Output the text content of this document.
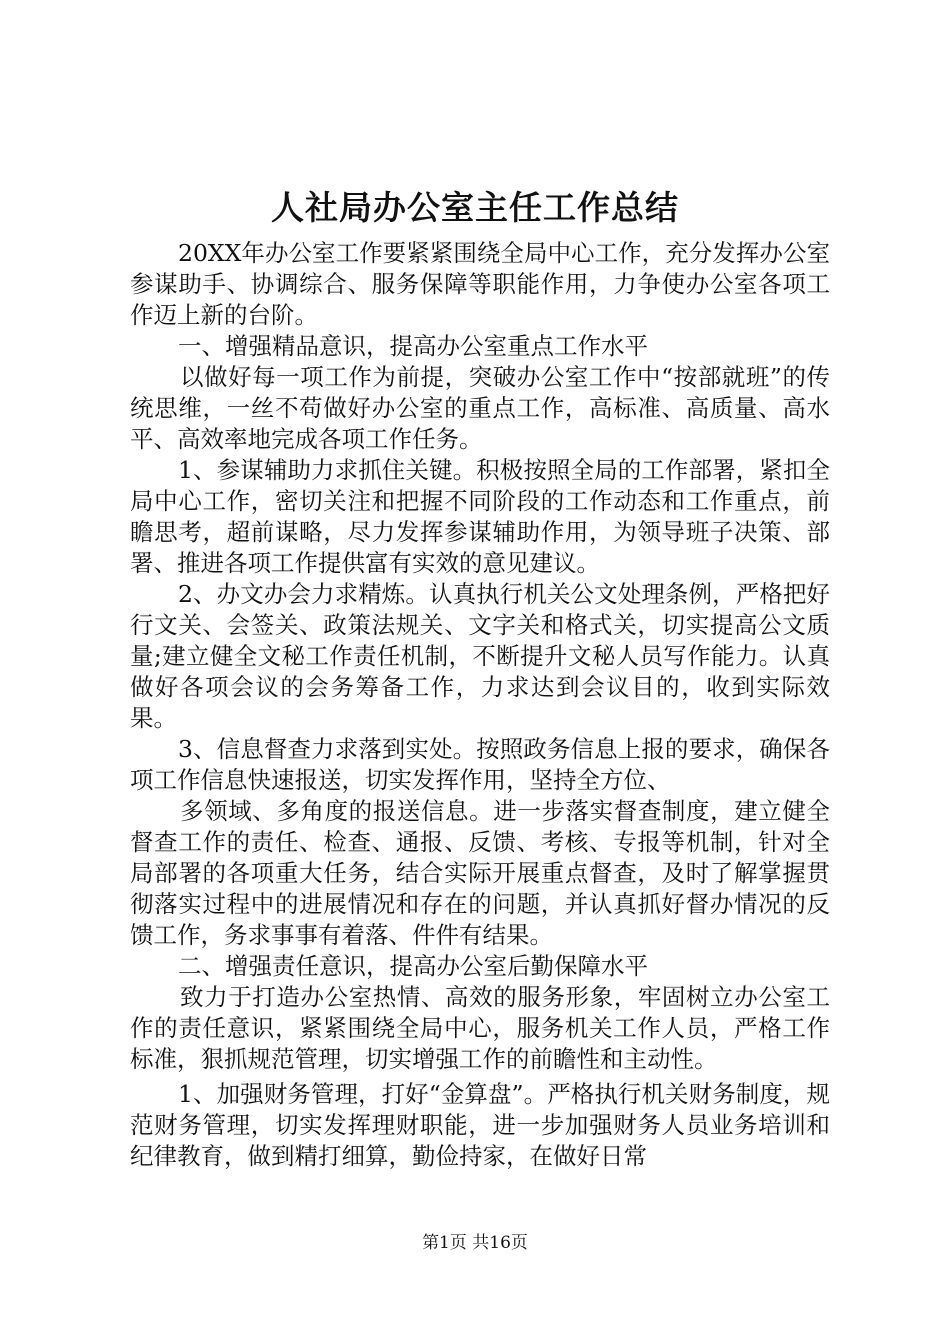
人社局办公室主任工作总结

20XX年办公室工作要紧紧围绕全局中心工作，充分发挥办公室参谋助手、协调综合、服务保障等职能作用，力争使办公室各项工作迈上新的台阶。

一、增强精品意识，提高办公室重点工作水平

以做好每一项工作为前提，突破办公室工作中“按部就班”的传统思维，一丝不苟做好办公室的重点工作，高标准、高质量、高水平、高效率地完成各项工作任务。

1、参谋辅助力求抓住关键。积极按照全局的工作部署，紧扣全局中心工作，密切关注和把握不同阶段的工作动态和工作重点，前瞻思考，超前谋略，尽力发挥参谋辅助作用，为领导班子决策、部署、推进各项工作提供富有实效的意见建议。

2、办文办会力求精炼。认真执行机关公文处理条例，严格把好行文关、会签关、政策法规关、文字关和格式关，切实提高公文质量;建立健全文秘工作责任机制，不断提升文秘人员写作能力。认真做好各项会议的会务筹备工作，力求达到会议目的，收到实际效果。

3、信息督查力求落到实处。按照政务信息上报的要求，确保各项工作信息快速报送，切实发挥作用，坚持全方位、

多领域、多角度的报送信息。进一步落实督查制度，建立健全督查工作的责任、检查、通报、反馈、考核、专报等机制，针对全局部署的各项重大任务，结合实际开展重点督查，及时了解掌握贯彻落实过程中的进展情况和存在的问题，并认真抓好督办情况的反馈工作，务求事事有着落、件件有结果。

二、增强责任意识，提高办公室后勤保障水平

致力于打造办公室热情、高效的服务形象，牢固树立办公室工作的责任意识，紧紧围绕全局中心，服务机关工作人员，严格工作标准，狠抓规范管理，切实增强工作的前瞻性和主动性。

1、加强财务管理，打好“金算盘”。严格执行机关财务制度，规范财务管理，切实发挥理财职能，进一步加强财务人员业务培训和纪律教育，做到精打细算，勤俭持家，在做好日常

第1页 共16页
